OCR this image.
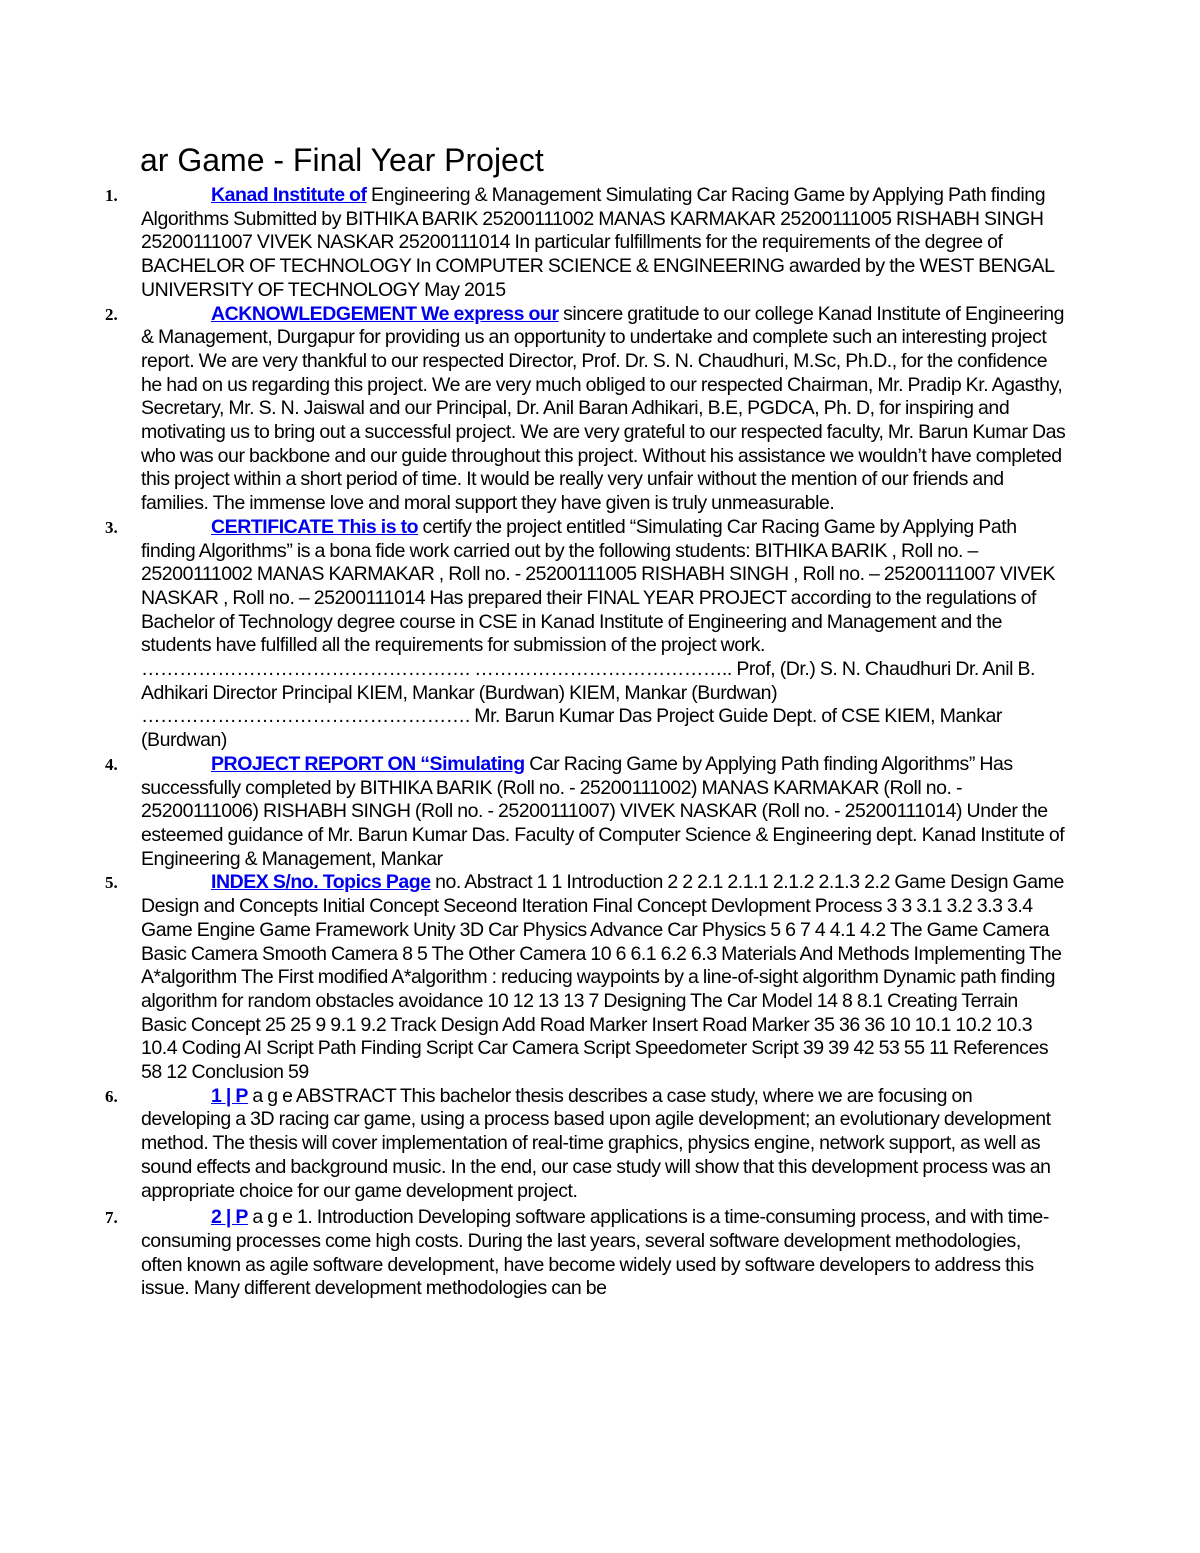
ar Game - Final Year Project
1.	Kanad Institute of Engineering & Management Simulating Car Racing Game by Applying Path finding Algorithms Submitted by BITHIKA BARIK 25200111002 MANAS KARMAKAR 25200111005 RISHABH SINGH 25200111007 VIVEK NASKAR 25200111014 In particular fulfillments for the requirements of the degree of BACHELOR OF TECHNOLOGY In COMPUTER SCIENCE & ENGINEERING awarded by the WEST BENGAL UNIVERSITY OF TECHNOLOGY May 2015
2.	ACKNOWLEDGEMENT We express our sincere gratitude to our college Kanad Institute of Engineering & Management, Durgapur for providing us an opportunity to undertake and complete such an interesting project report. We are very thankful to our respected Director, Prof. Dr. S. N. Chaudhuri, M.Sc, Ph.D., for the confidence he had on us regarding this project. We are very much obliged to our respected Chairman, Mr. Pradip Kr. Agasthy, Secretary, Mr. S. N. Jaiswal and our Principal, Dr. Anil Baran Adhikari, B.E, PGDCA, Ph. D, for inspiring and motivating us to bring out a successful project. We are very grateful to our respected faculty, Mr. Barun Kumar Das who was our backbone and our guide throughout this project. Without his assistance we wouldn’t have completed this project within a short period of time. It would be really very unfair without the mention of our friends and families. The immense love and moral support they have given is truly unmeasurable.
3.	CERTIFICATE This is to certify the project entitled “Simulating Car Racing Game by Applying Path finding Algorithms” is a bona fide work carried out by the following students: BITHIKA BARIK , Roll no. – 25200111002 MANAS KARMAKAR , Roll no. - 25200111005 RISHABH SINGH , Roll no. – 25200111007 VIVEK NASKAR , Roll no. – 25200111014 Has prepared their FINAL YEAR PROJECT according to the regulations of Bachelor of Technology degree course in CSE in Kanad Institute of Engineering and Management and the students have fulfilled all the requirements for submission of the project work. ……………………………………………. ………………………………….. Prof, (Dr.) S. N. Chaudhuri Dr. Anil B. Adhikari Director Principal KIEM, Mankar (Burdwan) KIEM, Mankar (Burdwan) ……………………………………………. Mr. Barun Kumar Das Project Guide Dept. of CSE KIEM, Mankar (Burdwan)
4.	PROJECT REPORT ON “Simulating Car Racing Game by Applying Path finding Algorithms” Has successfully completed by BITHIKA BARIK (Roll no. - 25200111002) MANAS KARMAKAR (Roll no. - 25200111006) RISHABH SINGH (Roll no. - 25200111007) VIVEK NASKAR (Roll no. - 25200111014) Under the esteemed guidance of Mr. Barun Kumar Das. Faculty of Computer Science & Engineering dept. Kanad Institute of Engineering & Management, Mankar
5.	INDEX S/no. Topics Page no. Abstract 1 1 Introduction 2 2 2.1 2.1.1 2.1.2 2.1.3 2.2 Game Design Game Design and Concepts Initial Concept Seceond Iteration Final Concept Devlopment Process 3 3 3.1 3.2 3.3 3.4 Game Engine Game Framework Unity 3D Car Physics Advance Car Physics 5 6 7 4 4.1 4.2 The Game Camera Basic Camera Smooth Camera 8 5 The Other Camera 10 6 6.1 6.2 6.3 Materials And Methods Implementing The A*algorithm The First modified A*algorithm : reducing waypoints by a line-of-sight algorithm Dynamic path finding algorithm for random obstacles avoidance 10 12 13 13 7 Designing The Car Model 14 8 8.1 Creating Terrain Basic Concept 25 25 9 9.1 9.2 Track Design Add Road Marker Insert Road Marker 35 36 36 10 10.1 10.2 10.3 10.4 Coding AI Script Path Finding Script Car Camera Script Speedometer Script 39 39 42 53 55 11 References 58 12 Conclusion 59
6.	1 | P a g e ABSTRACT This bachelor thesis describes a case study, where we are focusing on developing a 3D racing car game, using a process based upon agile development; an evolutionary development method. The thesis will cover implementation of real-time graphics, physics engine, network support, as well as sound effects and background music. In the end, our case study will show that this development process was an appropriate choice for our game development project.
7.	2 | P a g e 1. Introduction Developing software applications is a time-consuming process, and with time-consuming processes come high costs. During the last years, several software development methodologies, often known as agile software development, have become widely used by software developers to address this issue. Many different development methodologies can be
